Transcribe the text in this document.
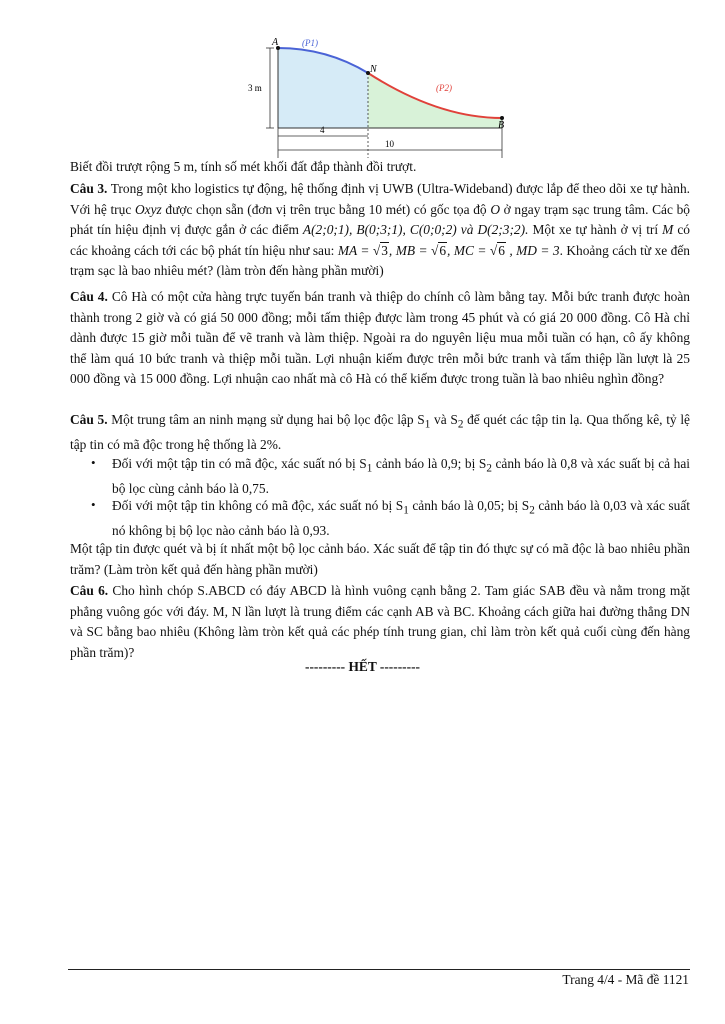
A
N
B
(P1)
(P2)
3 m
4
10

Biết đồi trượt rộng 5 m, tính số mét khối đất đắp thành đồi trượt.

Câu 3. Trong một kho logistics tự động, hệ thống định vị UWB (Ultra-Wideband) được lắp để theo dõi xe tự hành. Với hệ trục Oxyz được chọn sẵn (đơn vị trên trục bằng 10 mét) có gốc tọa độ O ở ngay trạm sạc trung tâm. Các bộ phát tín hiệu định vị được gắn ở các điểm A(2;0;1), B(0;3;1), C(0;0;2) và D(2;3;2). Một xe tự hành ở vị trí M có các khoảng cách tới các bộ phát tín hiệu như sau: MA = √3, MB = √6, MC = √6 , MD = 3. Khoảng cách từ xe đến trạm sạc là bao nhiêu mét? (làm tròn đến hàng phần mười)

Câu 4. Cô Hà có một cửa hàng trực tuyến bán tranh và thiệp do chính cô làm bằng tay. Mỗi bức tranh được hoàn thành trong 2 giờ và có giá 50 000 đồng; mỗi tấm thiệp được làm trong 45 phút và có giá 20 000 đồng. Cô Hà chỉ dành được 15 giờ mỗi tuần để vẽ tranh và làm thiệp. Ngoài ra do nguyên liệu mua mỗi tuần có hạn, cô ấy không thể làm quá 10 bức tranh và thiệp mỗi tuần. Lợi nhuận kiếm được trên mỗi bức tranh và tấm thiệp lần lượt là 25 000 đồng và 15 000 đồng. Lợi nhuận cao nhất mà cô Hà có thể kiếm được trong tuần là bao nhiêu nghìn đồng?

Câu 5. Một trung tâm an ninh mạng sử dụng hai bộ lọc độc lập $S_1$ và $S_2$ để quét các tập tin lạ. Qua thống kê, tỷ lệ tập tin có mã độc trong hệ thống là 2%.

• Đối với một tập tin có mã độc, xác suất nó bị $S_1$ cảnh báo là 0,9; bị $S_2$ cảnh báo là 0,8 và xác suất bị cả hai bộ lọc cùng cảnh báo là 0,75.

• Đối với một tập tin không có mã độc, xác suất nó bị $S_1$ cảnh báo là 0,05; bị $S_2$ cảnh báo là 0,03 và xác suất nó không bị bộ lọc nào cảnh báo là 0,93.

Một tập tin được quét và bị ít nhất một bộ lọc cảnh báo. Xác suất để tập tin đó thực sự có mã độc là bao nhiêu phần trăm? (Làm tròn kết quả đến hàng phần mười)

Câu 6. Cho hình chóp S.ABCD có đáy ABCD là hình vuông cạnh bằng 2. Tam giác SAB đều và nằm trong mặt phẳng vuông góc với đáy. M, N lần lượt là trung điểm các cạnh AB và BC. Khoảng cách giữa hai đường thẳng DN và SC bằng bao nhiêu (Không làm tròn kết quả các phép tính trung gian, chỉ làm tròn kết quả cuối cùng đến hàng phần trăm)?

--------- HẾT ---------
Trang 4/4 - Mã đề 1121
